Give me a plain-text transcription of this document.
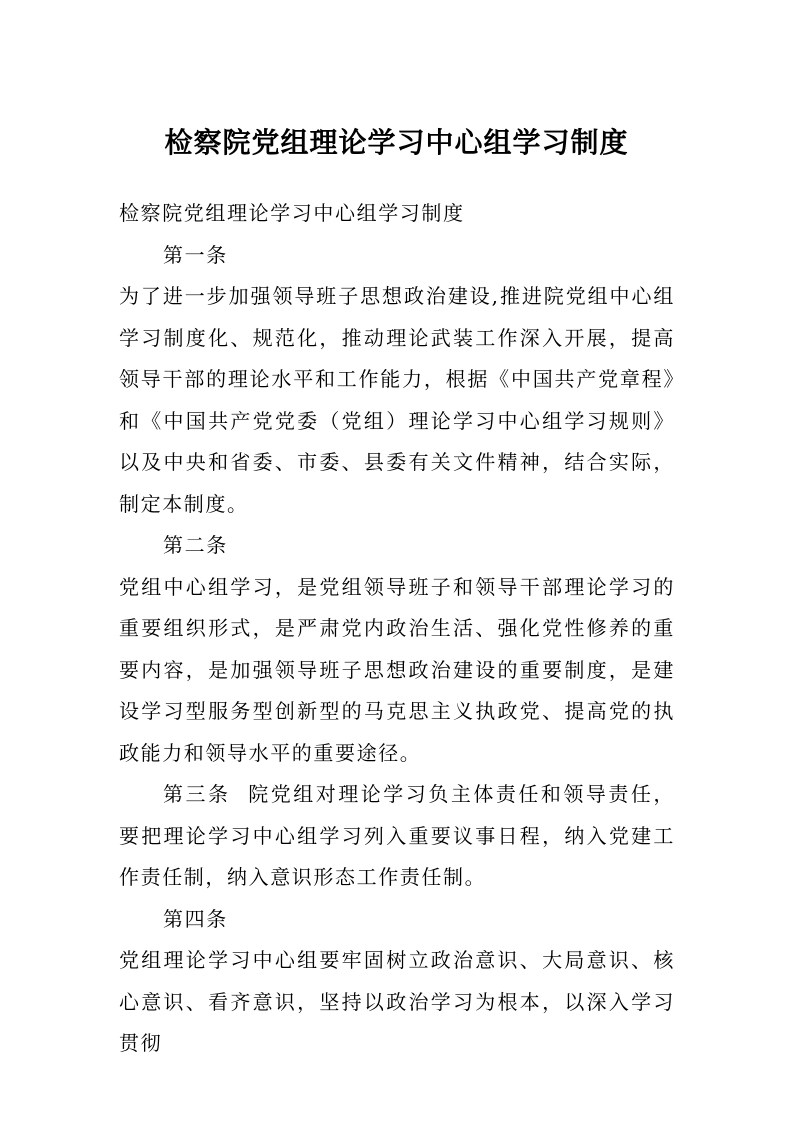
检察院党组理论学习中心组学习制度

检察院党组理论学习中心组学习制度

第一条

为了进一步加强领导班子思想政治建设,推进院党组中心组学习制度化、规范化，推动理论武装工作深入开展，提高领导干部的理论水平和工作能力，根据《中国共产党章程》和《中国共产党党委（党组）理论学习中心组学习规则》以及中央和省委、市委、县委有关文件精神，结合实际，制定本制度。

第二条

党组中心组学习，是党组领导班子和领导干部理论学习的重要组织形式，是严肃党内政治生活、强化党性修养的重要内容，是加强领导班子思想政治建设的重要制度，是建设学习型服务型创新型的马克思主义执政党、提高党的执政能力和领导水平的重要途径。

第三条  院党组对理论学习负主体责任和领导责任，要把理论学习中心组学习列入重要议事日程，纳入党建工作责任制，纳入意识形态工作责任制。

第四条

党组理论学习中心组要牢固树立政治意识、大局意识、核心意识、看齐意识，坚持以政治学习为根本，以深入学习贯彻
